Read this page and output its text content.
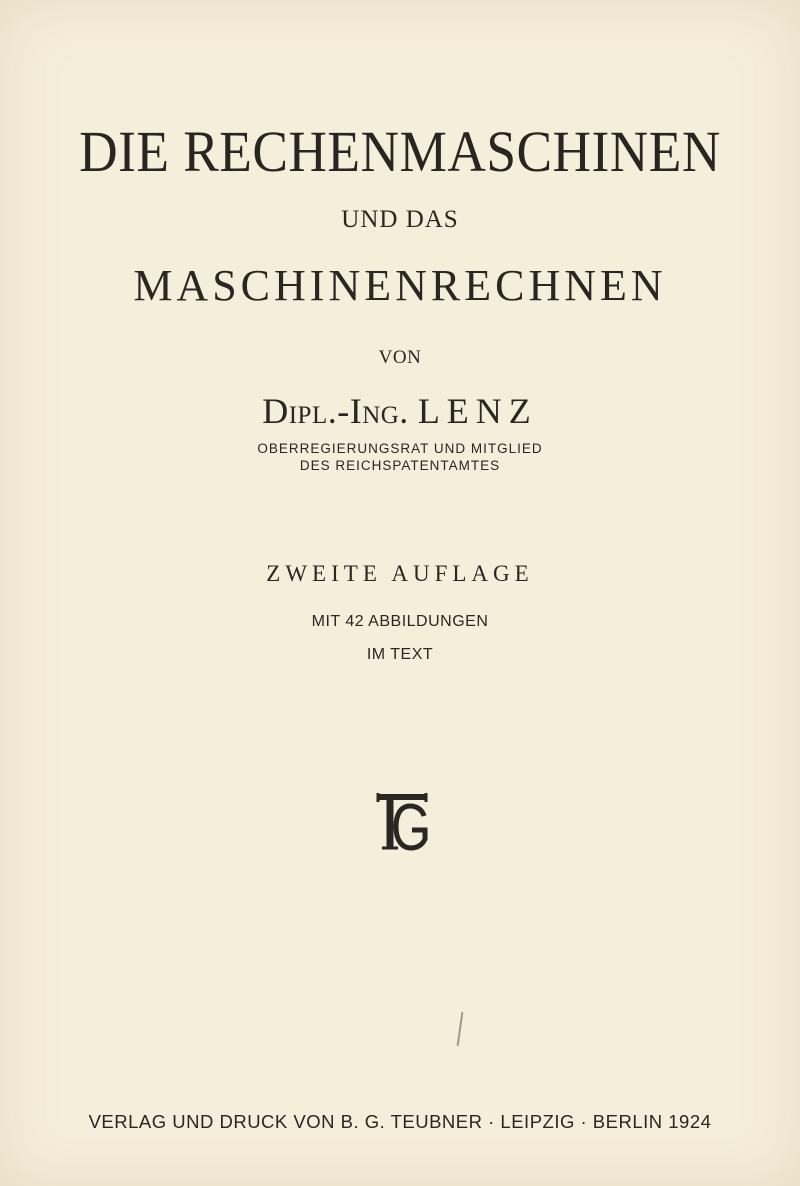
DIE RECHENMASCHINEN
UND DAS
MASCHINENRECHNEN
VON
Dipl.-Ing. LENZ
OBERREGIERUNGSRAT UND MITGLIED
DES REICHSPATENTAMTES
ZWEITE AUFLAGE
MIT 42 ABBILDUNGEN
IM TEXT
VERLAG UND DRUCK VON B. G. TEUBNER · LEIPZIG · BERLIN 1924
